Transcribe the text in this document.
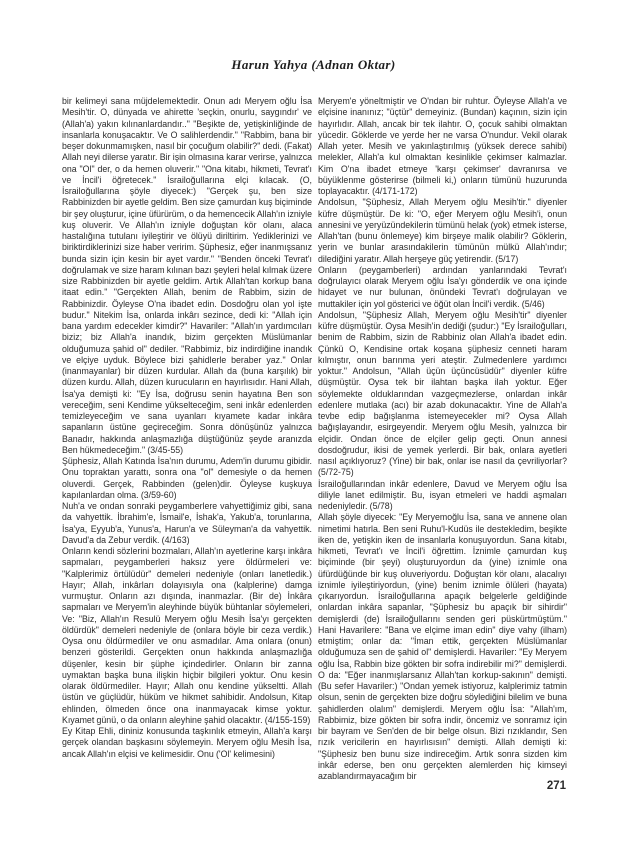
Harun Yahya (Adnan Oktar)

bir kelimeyi sana müjdelemektedir. Onun adı Meryem oğlu İsa Mesih'tir. O, dünyada ve ahirette 'seçkin, onurlu, saygındır' ve (Allah'a) yakın kılınanlardandır.." "Beşikte de, yetişkinliğinde de insanlarla konuşacaktır. Ve O salihlerdendir." "Rabbim, bana bir beşer dokunmamışken, nasıl bir çocuğum olabilir?" dedi. (Fakat) Allah neyi dilerse yaratır. Bir işin olmasına karar verirse, yalnızca ona "Ol" der, o da hemen oluverir." "Ona kitabı, hikmeti, Tevrat'ı ve İncil'i öğretecek." İsrailoğullarına elçi kılacak. (O, İsrailoğullarına şöyle diyecek:) "Gerçek şu, ben size Rabbinizden bir ayetle geldim. Ben size çamurdan kuş biçiminde bir şey oluşturur, içine üfürürüm, o da hemencecik Allah'ın izniyle kuş oluverir. Ve Allah'ın izniyle doğuştan kör olanı, alaca hastalığına tutulanı iyileştirir ve ölüyü diriltirim. Yediklerinizi ve biriktirdiklerinizi size haber veririm. Şüphesiz, eğer inanmışsanız bunda sizin için kesin bir ayet vardır." "Benden önceki Tevrat'ı doğrulamak ve size haram kılınan bazı şeyleri helal kılmak üzere size Rabbinizden bir ayetle geldim. Artık Allah'tan korkup bana itaat edin." "Gerçekten Allah, benim de Rabbim, sizin de Rabbinizdir. Öyleyse O'na ibadet edin. Dosdoğru olan yol işte budur." Nitekim İsa, onlarda inkârı sezince, dedi ki: "Allah için bana yardım edecekler kimdir?" Havariler: "Allah'ın yardımcıları biziz; biz Allah'a inandık, bizim gerçekten Müslümanlar olduğumuza şahid ol" dediler. "Rabbimiz, biz indirdiğine inandık ve elçiye uyduk. Böylece bizi şahidlerle beraber yaz." Onlar (inanmayanlar) bir düzen kurdular. Allah da (buna karşılık) bir düzen kurdu. Allah, düzen kurucuların en hayırlısıdır. Hani Allah, İsa'ya demişti ki: "Ey İsa, doğrusu senin hayatına Ben son vereceğim, seni Kendime yükselteceğim, seni inkâr edenlerden temizleyeceğim ve sana uyanları kıyamete kadar inkâra sapanların üstüne geçireceğim. Sonra dönüşünüz yalnızca Banadır, hakkında anlaşmazlığa düştüğünüz şeyde aranızda Ben hükmedeceğim." (3/45-55)

Şüphesiz, Allah Katında İsa'nın durumu, Adem'in durumu gibidir. Onu topraktan yarattı, sonra ona "ol" demesiyle o da hemen oluverdi. Gerçek, Rabbinden (gelen)dir. Öyleyse kuşkuya kapılanlardan olma. (3/59-60)

Nuh'a ve ondan sonraki peygamberlere vahyettiğimiz gibi, sana da vahyettik. İbrahim'e, İsmail'e, İshak'a, Yakub'a, torunlarına, İsa'ya, Eyyub'a, Yunus'a, Harun'a ve Süleyman'a da vahyettik. Davud'a da Zebur verdik. (4/163)

Onların kendi sözlerini bozmaları, Allah'ın ayetlerine karşı inkâra sapmaları, peygamberleri haksız yere öldürmeleri ve: "Kalplerimiz örtülüdür" demeleri nedeniyle (onları lanetledik.) Hayır; Allah, inkârları dolayısıyla ona (kalplerine) damga vurmuştur. Onların azı dışında, inanmazlar. (Bir de) İnkâra sapmaları ve Meryem'in aleyhinde büyük bühtanlar söylemeleri, Ve: "Biz, Allah'ın Resulü Meryem oğlu Mesih İsa'yı gerçekten öldürdük" demeleri nedeniyle de (onlara böyle bir ceza verdik.) Oysa onu öldürmediler ve onu asmadılar. Ama onlara (onun) benzeri gösterildi. Gerçekten onun hakkında anlaşmazlığa düşenler, kesin bir şüphe içindedirler. Onların bir zanna uymaktan başka buna ilişkin hiçbir bilgileri yoktur. Onu kesin olarak öldürmediler. Hayır; Allah onu kendine yükseltti. Allah üstün ve güçlüdür, hüküm ve hikmet sahibidir. Andolsun, Kitap ehlinden, ölmeden önce ona inanmayacak kimse yoktur. Kıyamet günü, o da onların aleyhine şahid olacaktır. (4/155-159)

Ey Kitap Ehli, dininiz konusunda taşkınlık etmeyin, Allah'a karşı gerçek olandan başkasını söylemeyin. Meryem oğlu Mesih İsa, ancak Allah'ın elçisi ve kelimesidir. Onu ('Ol' kelimesini)

Meryem'e yöneltmiştir ve O'ndan bir ruhtur. Öyleyse Allah'a ve elçisine inanınız; "üçtür" demeyiniz. (Bundan) kaçının, sizin için hayırlıdır. Allah, ancak bir tek ilahtır. O, çocuk sahibi olmaktan yücedir. Göklerde ve yerde her ne varsa O'nundur. Vekil olarak Allah yeter. Mesih ve yakınlaştırılmış (yüksek derece sahibi) melekler, Allah'a kul olmaktan kesinlikle çekimser kalmazlar. Kim O'na ibadet etmeye 'karşı çekimser' davranırsa ve büyüklenme gösterirse (bilmeli ki,) onların tümünü huzurunda toplayacaktır. (4/171-172)

Andolsun, "Şüphesiz, Allah Meryem oğlu Mesih'tir." diyenler küfre düşmüştür. De ki: "O, eğer Meryem oğlu Mesih'i, onun annesini ve yeryüzündekilerin tümünü helak (yok) etmek isterse, Allah'tan (bunu önlemeye) kim birşeye malik olabilir? Göklerin, yerin ve bunlar arasındakilerin tümünün mülkü Allah'ındır; dilediğini yaratır. Allah herşeye güç yetirendir. (5/17)

Onların (peygamberleri) ardından yanlarındaki Tevrat'ı doğrulayıcı olarak Meryem oğlu İsa'yı gönderdik ve ona içinde hidayet ve nur bulunan, önündeki Tevrat'ı doğrulayan ve muttakiler için yol gösterici ve öğüt olan İncil'i verdik. (5/46)

Andolsun, "Şüphesiz Allah, Meryem oğlu Mesih'tir" diyenler küfre düşmüştür. Oysa Mesih'in dediği (şudur:) "Ey İsrailoğulları, benim de Rabbim, sizin de Rabbiniz olan Allah'a ibadet edin. Çünkü O, Kendisine ortak koşana şüphesiz cenneti haram kılmıştır, onun barınma yeri ateştir. Zulmedenlere yardımcı yoktur." Andolsun, "Allah üçün üçüncüsüdür" diyenler küfre düşmüştür. Oysa tek bir ilahtan başka ilah yoktur. Eğer söylemekte olduklarından vazgeçmezlerse, onlardan inkâr edenlere mutlaka (acı) bir azab dokunacaktır. Yine de Allah'a tevbe edip bağışlanma istemeyecekler mi? Oysa Allah bağışlayandır, esirgeyendir. Meryem oğlu Mesih, yalnızca bir elçidir. Ondan önce de elçiler gelip geçti. Onun annesi dosdoğrudur, ikisi de yemek yerlerdi. Bir bak, onlara ayetleri nasıl açıklıyoruz? (Yine) bir bak, onlar ise nasıl da çevriliyorlar? (5/72-75)

İsrailoğullarından inkâr edenlere, Davud ve Meryem oğlu İsa diliyle lanet edilmiştir. Bu, isyan etmeleri ve haddi aşmaları nedeniyledir. (5/78)

Allah şöyle diyecek: "Ey Meryemoğlu İsa, sana ve annene olan nimetimi hatırla. Ben seni Ruhu'l-Kudüs ile destekledim, beşikte iken de, yetişkin iken de insanlarla konuşuyordun. Sana kitabı, hikmeti, Tevrat'ı ve İncil'i öğrettim. İznimle çamurdan kuş biçiminde (bir şeyi) oluşturuyordun da (yine) iznimle ona üfürdüğünde bir kuş oluveriyordu. Doğuştan kör olanı, alacalıyı iznimle iyileştiriyordun, (yine) benim iznimle ölüleri (hayata) çıkarıyordun. İsrailoğullarına apaçık belgelerle geldiğinde onlardan inkâra sapanlar, "Şüphesiz bu apaçık bir sihirdir" demişlerdi (de) İsrailoğullarını senden geri püskürtmüştüm." Hani Havarilere: "Bana ve elçime iman edin" diye vahy (ilham) etmiştim; onlar da: "İman ettik, gerçekten Müslümanlar olduğumuza sen de şahid ol" demişlerdi. Havariler: "Ey Meryem oğlu İsa, Rabbin bize gökten bir sofra indirebilir mi?" demişlerdi. O da: "Eğer inanmışlarsanız Allah'tan korkup-sakının" demişti. (Bu sefer Havariler:) "Ondan yemek istiyoruz, kalplerimiz tatmin olsun, senin de gerçekten bize doğru söylediğini bilelim ve buna şahidlerden olalım" demişlerdi. Meryem oğlu İsa: "Allah'ım, Rabbimiz, bize gökten bir sofra indir, öncemiz ve sonramız için bir bayram ve Sen'den de bir belge olsun. Bizi rızıklandır, Sen rızık vericilerin en hayırlısısın" demişti. Allah demişti ki: "Şüphesiz ben bunu size indireceğim. Artık sonra sizden kim inkâr ederse, ben onu gerçekten alemlerden hiç kimseyi azablandırmayacağım bir

271
